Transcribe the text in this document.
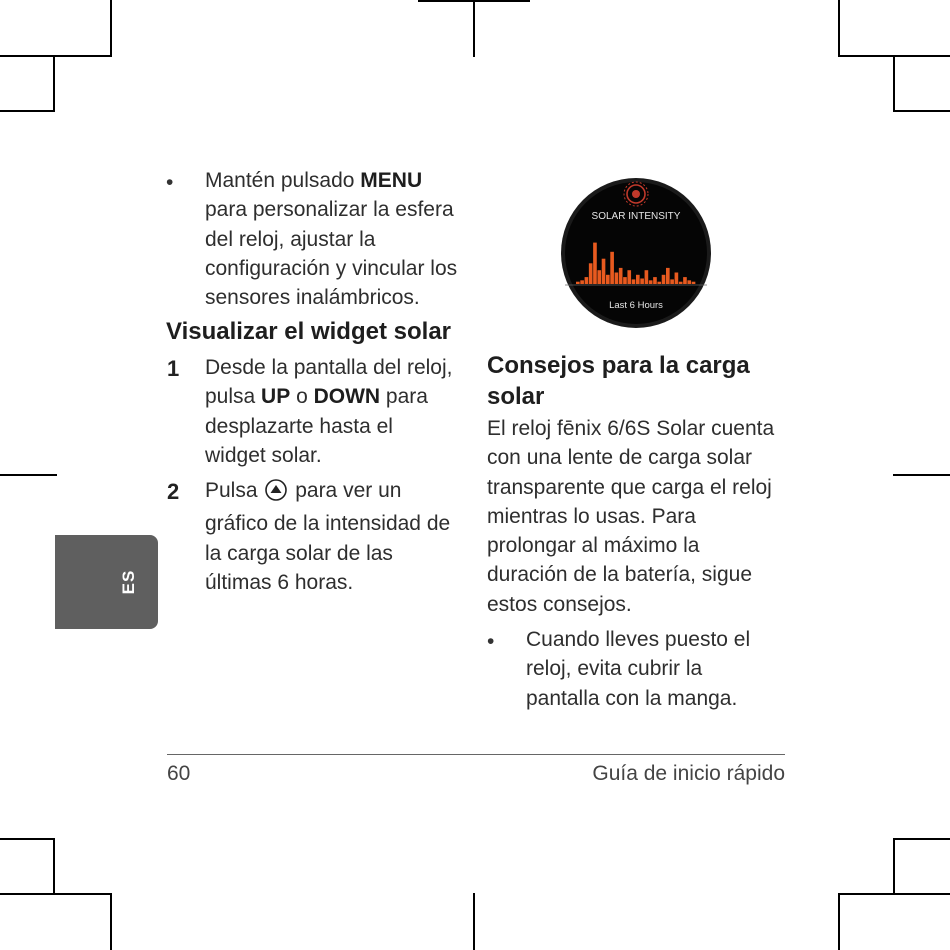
• Mantén pulsado MENU
para personalizar la esfera
del reloj, ajustar la
configuración y vincular los
sensores inalámbricos.
Visualizar el widget solar
1 Desde la pantalla del reloj,
pulsa UP o DOWN para
desplazarte hasta el
widget solar.
2 Pulsa  para ver un
gráfico de la intensidad de
la carga solar de las
últimas 6 horas.
ES
SOLAR INTENSITY
Last 6 Hours
Consejos para la carga
solar
El reloj fēnix 6/6S Solar cuenta
con una lente de carga solar
transparente que carga el reloj
mientras lo usas. Para
prolongar al máximo la
duración de la batería, sigue
estos consejos.
• Cuando lleves puesto el
reloj, evita cubrir la
pantalla con la manga.
60	Guía de inicio rápido
